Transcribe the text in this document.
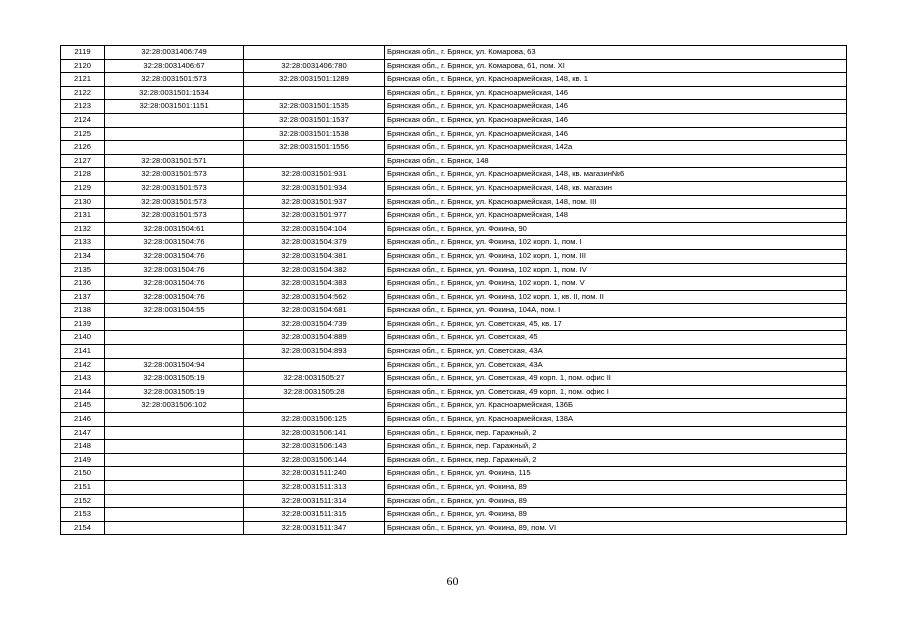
2119	32:28:0031406:749		Брянская обл., г. Брянск, ул. Комарова, 63
2120	32:28:0031406:67	32:28:0031406:780	Брянская обл., г. Брянск, ул. Комарова, 61, пом. XI
2121	32:28:0031501:573	32:28:0031501:1289	Брянская обл., г. Брянск, ул. Красноармейская, 148, кв. 1
2122	32:28:0031501:1534		Брянская обл., г. Брянск, ул. Красноармейская, 146
2123	32:28:0031501:1151	32:28:0031501:1535	Брянская обл., г. Брянск, ул. Красноармейская, 146
2124		32:28:0031501:1537	Брянская обл., г. Брянск, ул. Красноармейская, 146
2125		32:28:0031501:1538	Брянская обл., г. Брянск, ул. Красноармейская, 146
2126		32:28:0031501:1556	Брянская обл., г. Брянск, ул. Красноармейская, 142а
2127	32:28:0031501:571		Брянская обл., г. Брянск, 148
2128	32:28:0031501:573	32:28:0031501:931	Брянская обл., г. Брянск, ул. Красноармейская, 148, кв. магазин№6
2129	32:28:0031501:573	32:28:0031501:934	Брянская обл., г. Брянск, ул. Красноармейская, 148, кв. магазин
2130	32:28:0031501:573	32:28:0031501:937	Брянская обл., г. Брянск, ул. Красноармейская, 148, пом. III
2131	32:28:0031501:573	32:28:0031501:977	Брянская обл., г. Брянск, ул. Красноармейская, 148
2132	32:28:0031504:61	32:28:0031504:104	Брянская обл., г. Брянск, ул. Фокина, 90
2133	32:28:0031504:76	32:28:0031504:379	Брянская обл., г. Брянск, ул. Фокина, 102 корп. 1, пом. I
2134	32:28:0031504:76	32:28:0031504:381	Брянская обл., г. Брянск, ул. Фокина, 102 корп. 1, пом. III
2135	32:28:0031504:76	32:28:0031504:382	Брянская обл., г. Брянск, ул. Фокина, 102 корп. 1, пом. IV
2136	32:28:0031504:76	32:28:0031504:383	Брянская обл., г. Брянск, ул. Фокина, 102 корп. 1, пом. V
2137	32:28:0031504:76	32:28:0031504:562	Брянская обл., г. Брянск, ул. Фокина, 102 корп. 1, кв. II, пом. II
2138	32:28:0031504:55	32:28:0031504:681	Брянская обл., г. Брянск, ул. Фокина, 104А, пом. I
2139		32:28:0031504:739	Брянская обл., г. Брянск, ул. Советская, 45, кв. 17
2140		32:28:0031504:889	Брянская обл., г. Брянск, ул. Советская, 45
2141		32:28:0031504:893	Брянская обл., г. Брянск, ул. Советская, 43А
2142	32:28:0031504:94		Брянская обл., г. Брянск, ул. Советская, 43А
2143	32:28:0031505:19	32:28:0031505:27	Брянская обл., г. Брянск, ул. Советская, 49 корп. 1, пом. офис II
2144	32:28:0031505:19	32:28:0031505:28	Брянская обл., г. Брянск, ул. Советская, 49 корп. 1, пом. офис I
2145	32:28:0031506:102		Брянская обл., г. Брянск, ул. Красноармейская, 136Б
2146		32:28:0031506:125	Брянская обл., г. Брянск, ул. Красноармейская, 138А
2147		32:28:0031506:141	Брянская обл., г. Брянск, пер. Гаражный, 2
2148		32:28:0031506:143	Брянская обл., г. Брянск, пер. Гаражный, 2
2149		32:28:0031506:144	Брянская обл., г. Брянск, пер. Гаражный, 2
2150		32:28:0031511:240	Брянская обл., г. Брянск, ул. Фокина, 115
2151		32:28:0031511:313	Брянская обл., г. Брянск, ул. Фокина, 89
2152		32:28:0031511:314	Брянская обл., г. Брянск, ул. Фокина, 89
2153		32:28:0031511:315	Брянская обл., г. Брянск, ул. Фокина, 89
2154		32:28:0031511:347	Брянская обл., г. Брянск, ул. Фокина, 89, пом. VI
60
